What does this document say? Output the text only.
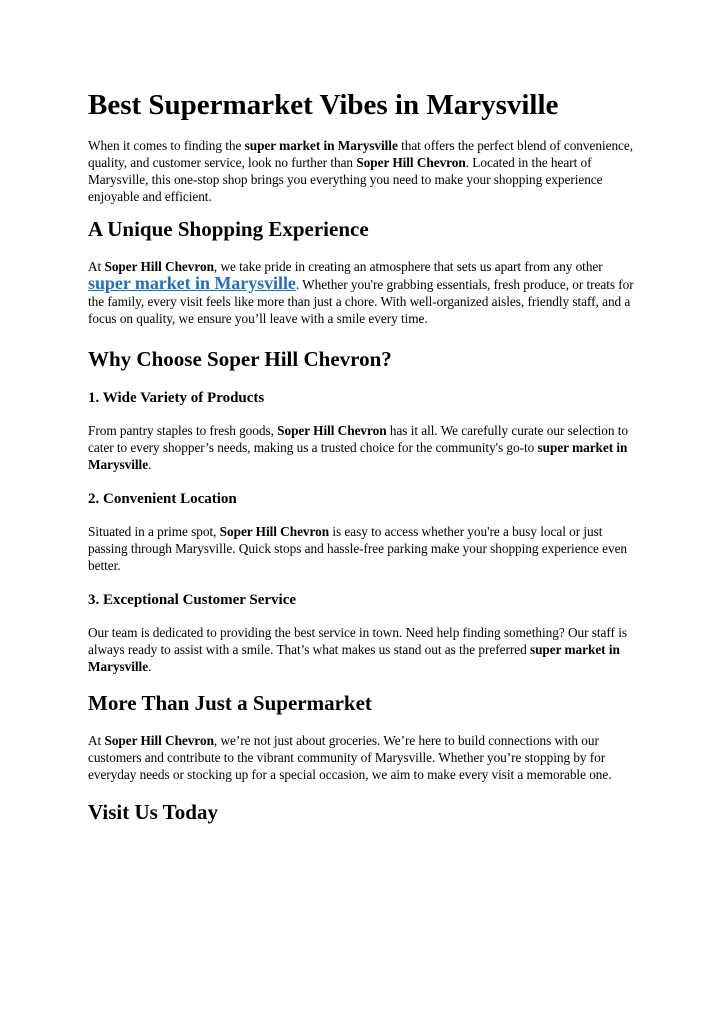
Best Supermarket Vibes in Marysville

When it comes to finding the super market in Marysville that offers the perfect blend of convenience, quality, and customer service, look no further than Soper Hill Chevron. Located in the heart of Marysville, this one-stop shop brings you everything you need to make your shopping experience enjoyable and efficient.

A Unique Shopping Experience

At Soper Hill Chevron, we take pride in creating an atmosphere that sets us apart from any other super market in Marysville. Whether you're grabbing essentials, fresh produce, or treats for the family, every visit feels like more than just a chore. With well-organized aisles, friendly staff, and a focus on quality, we ensure you’ll leave with a smile every time.

Why Choose Soper Hill Chevron?
1. Wide Variety of Products

From pantry staples to fresh goods, Soper Hill Chevron has it all. We carefully curate our selection to cater to every shopper’s needs, making us a trusted choice for the community's go-to super market in Marysville.

2. Convenient Location

Situated in a prime spot, Soper Hill Chevron is easy to access whether you're a busy local or just passing through Marysville. Quick stops and hassle-free parking make your shopping experience even better.

3. Exceptional Customer Service

Our team is dedicated to providing the best service in town. Need help finding something? Our staff is always ready to assist with a smile. That’s what makes us stand out as the preferred super market in Marysville.

More Than Just a Supermarket

At Soper Hill Chevron, we’re not just about groceries. We’re here to build connections with our customers and contribute to the vibrant community of Marysville. Whether you’re stopping by for everyday needs or stocking up for a special occasion, we aim to make every visit a memorable one.

Visit Us Today
